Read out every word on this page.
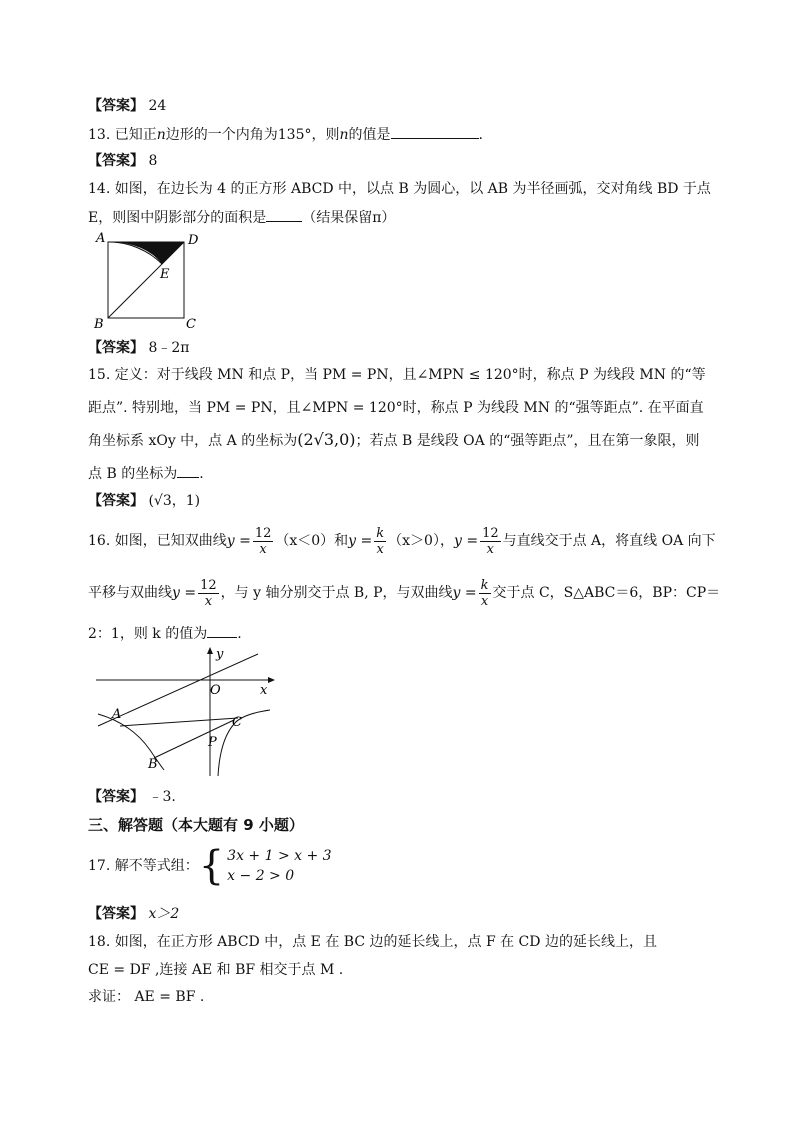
【答案】 24
13. 已知正n边形的一个内角为135°，则n的值是	.
【答案】 8
14. 如图，在边长为 4 的正方形 ABCD 中，以点 B 为圆心，以 AB 为半径画弧，交对角线 BD 于点
E，则图中阴影部分的面积是	（结果保留π）
A	D
E
B	C
【答案】 8﹣2π
15. 定义：对于线段 MN 和点 P，当 PM = PN，且∠MPN ≤ 120°时，称点 P 为线段 MN 的“等
距点”. 特别地，当 PM = PN，且∠MPN = 120°时，称点 P 为线段 MN 的“强等距点”. 在平面直
角坐标系 xOy 中，点 A 的坐标为(2√3,0)；若点 B 是线段 OA 的“强等距点”，且在第一象限，则
点 B 的坐标为 .
【答案】 (√3，1)
16. 如图，已知双曲线$y = \frac{12}{x} (x<0)$和$y = \frac{k}{x} (x>0)$，$y = \frac{12}{x}$ 与直线交于点 A，将直线 OA 向下
平移与双曲线$y = \frac{12}{x}$ ，与 y 轴分别交于点 B, P，与双曲线$y = \frac{k}{x}$ 交于点 C，S△ABC＝6，BP：CP＝
2：1，则 k 的值为 .
y
O	x
A
C
P
B
【答案】 ﹣3.
三、解答题（本大题有 9 小题）
17. 解不等式组： { 3x + 1 > x + 3
x − 2 > 0
【答案】 x＞2
18. 如图，在正方形 ABCD 中，点 E 在 BC 边的延长线上，点 F 在 CD 边的延长线上，且
CE = DF ,连接 AE 和 BF 相交于点 M .
求证： AE = BF .
